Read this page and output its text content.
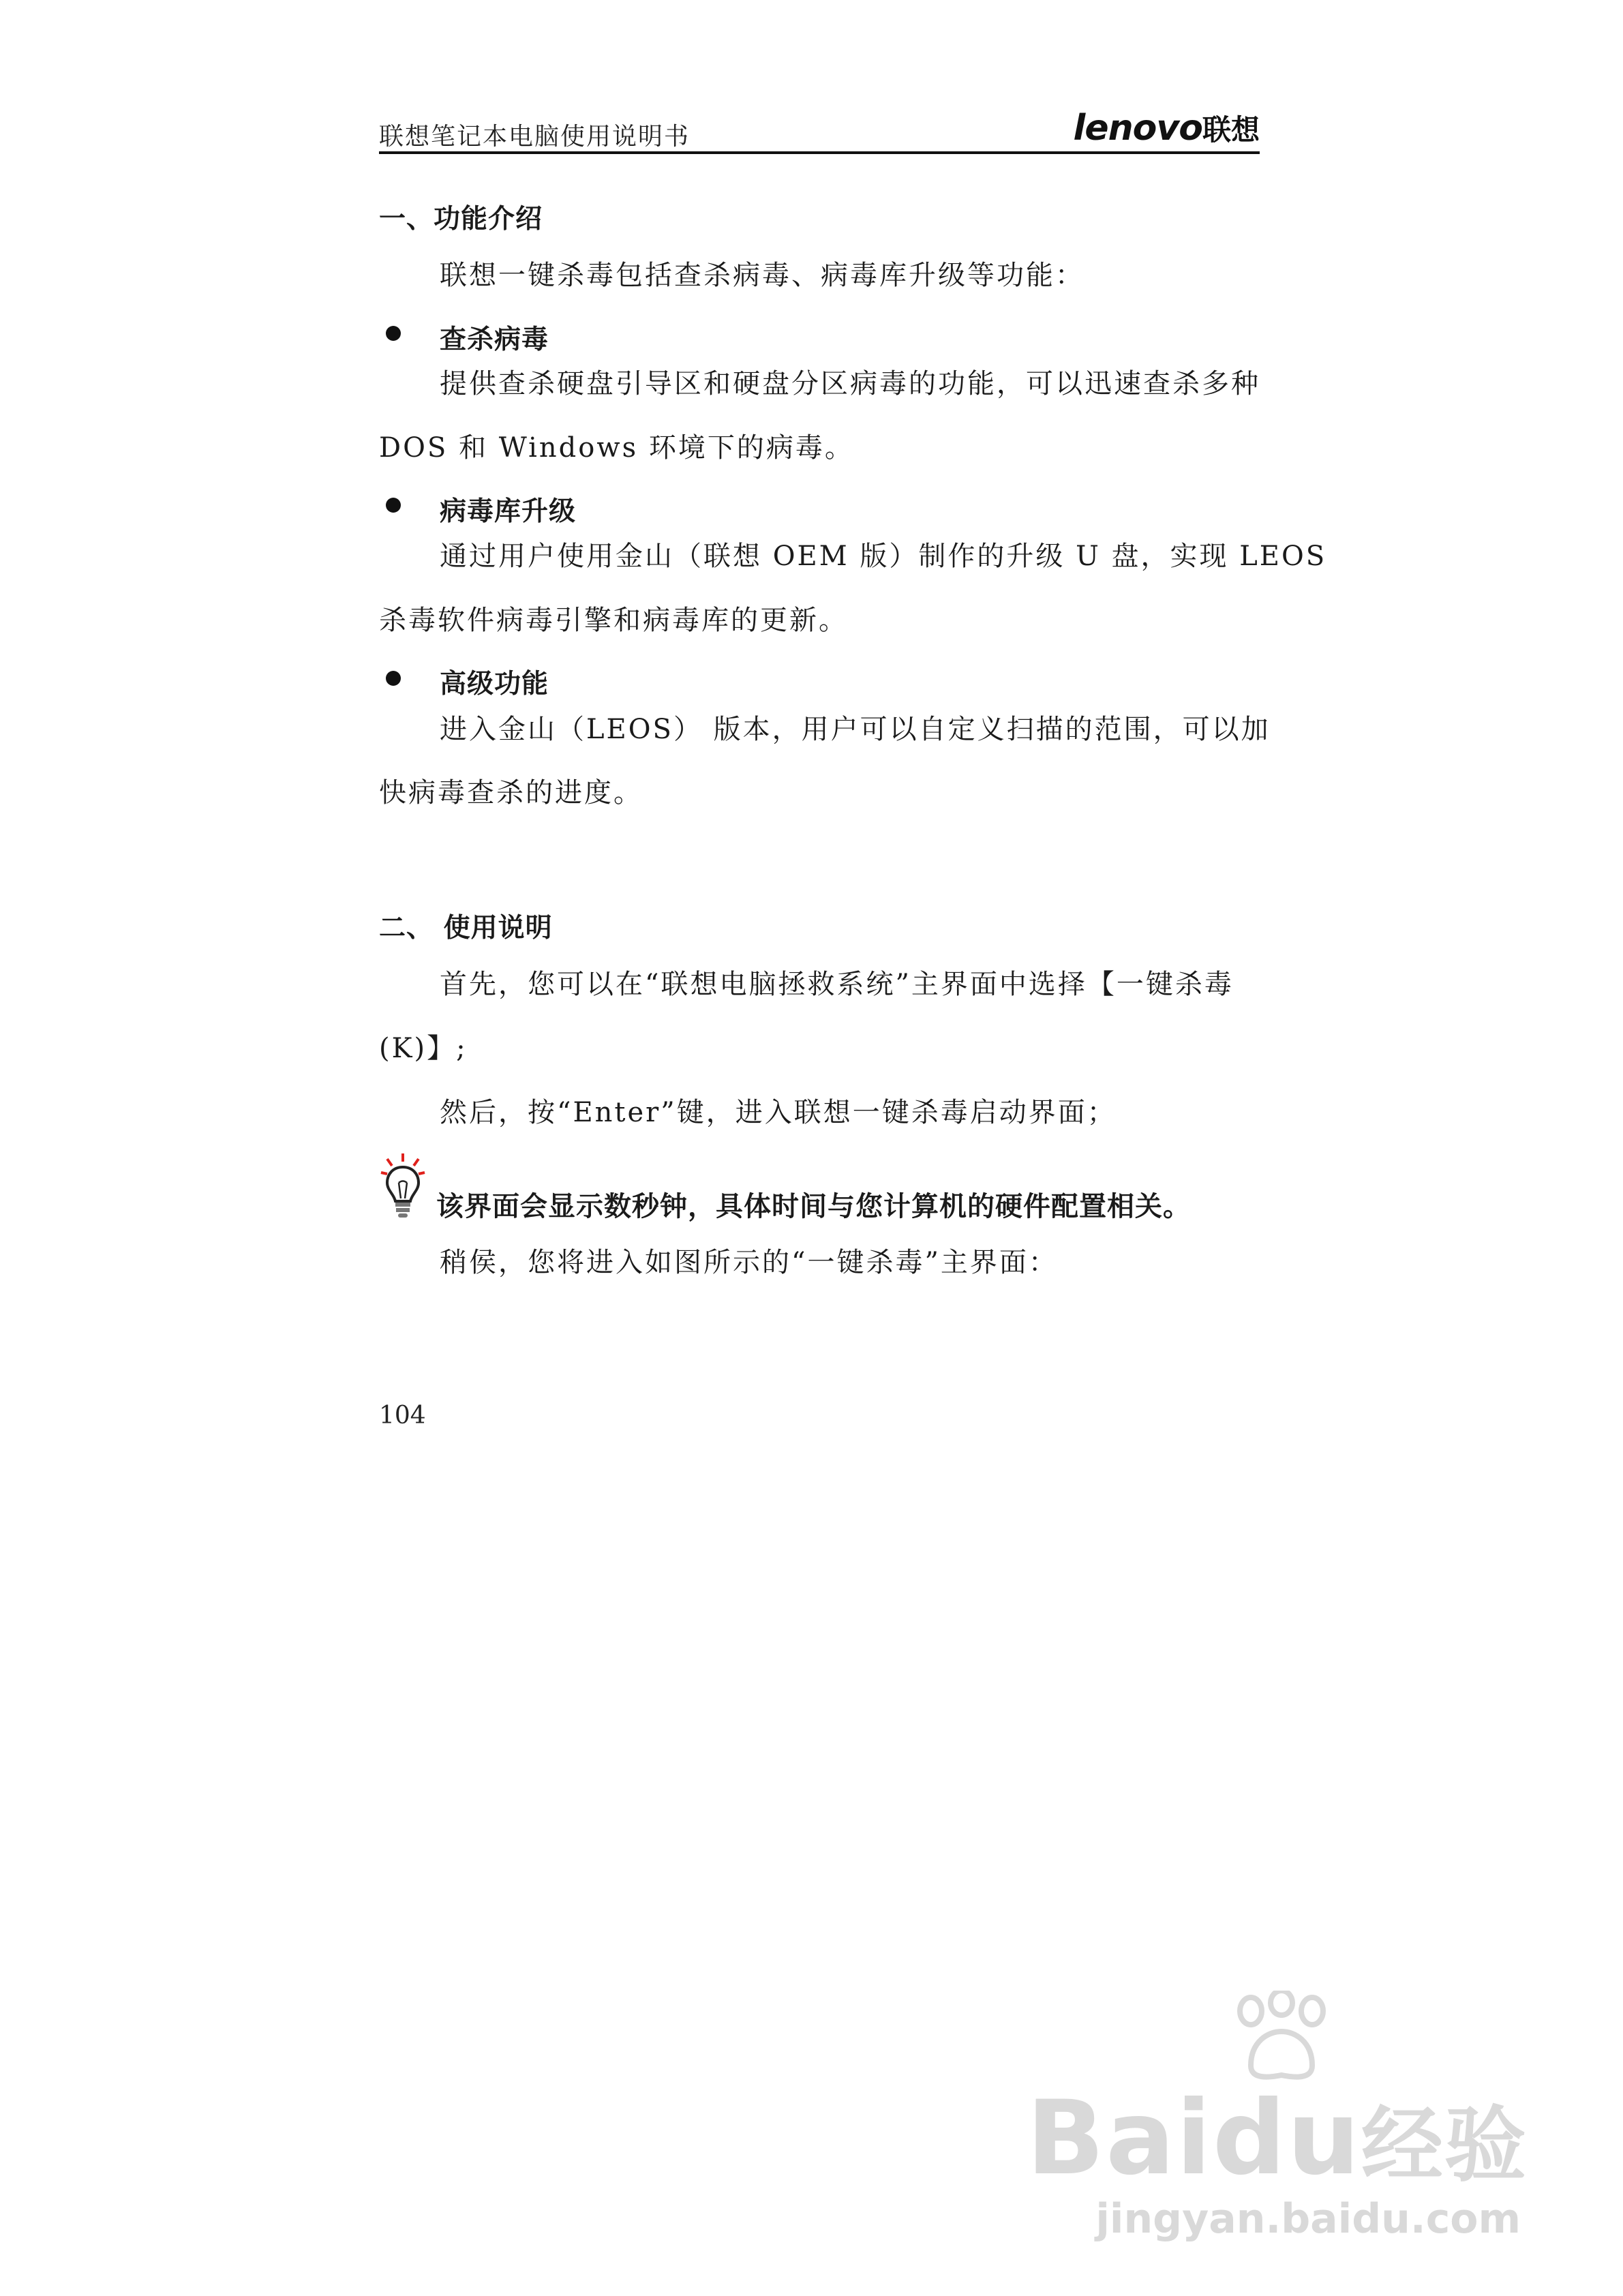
联想笔记本电脑使用说明书	lenovo联想
一、功能介绍
联想一键杀毒包括查杀病毒、病毒库升级等功能：
查杀病毒
提供查杀硬盘引导区和硬盘分区病毒的功能，可以迅速查杀多种
DOS 和 Windows 环境下的病毒。
病毒库升级
通过用户使用金山（联想 OEM 版）制作的升级 U 盘，实现 LEOS
杀毒软件病毒引擎和病毒库的更新。
高级功能
进入金山（LEOS） 版本，用户可以自定义扫描的范围，可以加
快病毒查杀的进度。
二、 使用说明
首先，您可以在“联想电脑拯救系统”主界面中选择【一键杀毒
(K)】;
然后，按“Enter”键，进入联想一键杀毒启动界面；
该界面会显示数秒钟，具体时间与您计算机的硬件配置相关。
稍侯，您将进入如图所示的“一键杀毒”主界面：
104
Baidu经验
jingyan.baidu.com
